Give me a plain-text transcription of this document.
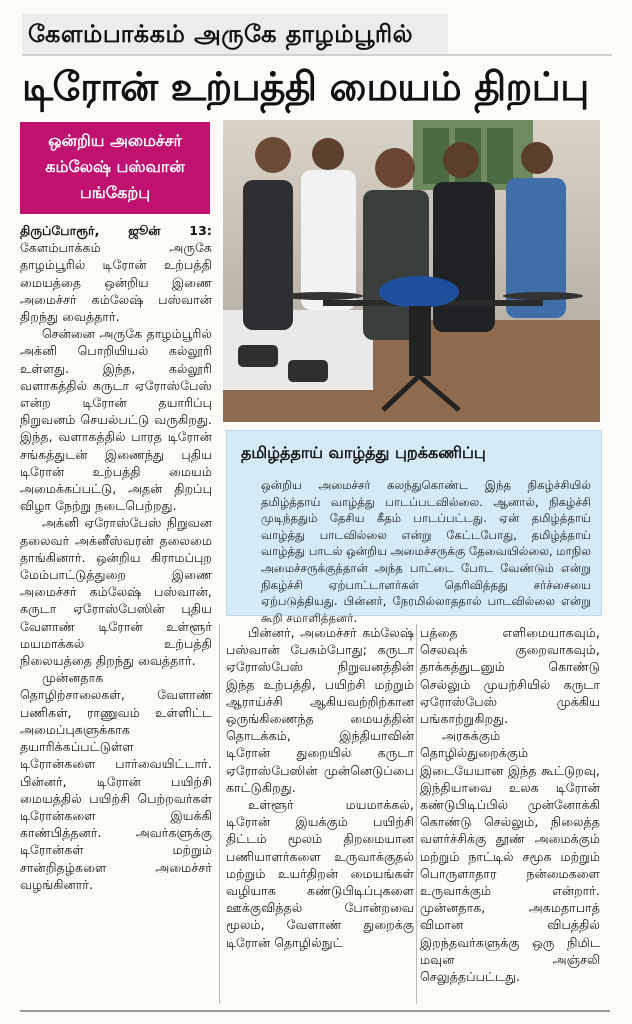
கேளம்பாக்கம் அருகே தாழம்பூரில்
டிரோன் உற்பத்தி மையம் திறப்பு
ஒன்றிய அமைச்சர்
கம்லேஷ் பஸ்வான்
பங்கேற்பு

திருப்போரூர், ஜூன் 13: கேளம்பாக்கம் அருகே தாழம்பூரில் டிரோன் உற்பத்தி மையத்தை ஒன்றிய இணை அமைச்சர் கம்லேஷ் பஸ்வான் திறந்து வைத்தார்.

சென்னை அருகே தாழம்பூரில் அக்னி பொறியியல் கல்லூரி உள்ளது. இந்த, கல்லூரி வளாகத்தில் கருடா ஏரோஸ்பேஸ் என்ற டிரோன் தயாரிப்பு நிறுவனம் செயல்பட்டு வருகிறது. இந்த, வளாகத்தில் பாரத டிரோன் சங்கத்துடன் இணைந்து புதிய டிரோன் உற்பத்தி மையம் அமைக்கப்பட்டு, அதன் திறப்பு விழா நேற்று நடைபெற்றது.

அக்னி ஏரோஸ்பேஸ் நிறுவன தலைவர் அக்னீஸ்வரன் தலைமை தாங்கினார். ஒன்றிய கிராமப்புற மேம்பாட்டுத்துறை இணை அமைச்சர் கம்லேஷ் பஸ்வான், கருடா ஏரோஸ்பேஸின் புதிய வேளாண் டிரோன் உள்ளூர் மயமாக்கல் உற்பத்தி நிலையத்தை திறந்து வைத்தார்.

முன்னதாக தொழிற்சாலைகள், வேளாண் பணிகள், ராணுவம் உள்ளிட்ட அமைப்புகளுக்காக தயாரிக்கப்பட்டுள்ள டிரோன்களை பார்வையிட்டார். பின்னர், டிரோன் பயிற்சி மையத்தில் பயிற்சி பெற்றவர்கள் டிரோன்களை இயக்கி காண்பித்தனர். அவர்களுக்கு டிரோன்கள் மற்றும் சான்றிதழ்களை அமைச்சர் வழங்கினார்.

தமிழ்த்தாய் வாழ்த்து புறக்கணிப்பு
ஒன்றிய அமைச்சர் கலந்துகொண்ட இந்த நிகழ்ச்சியில் தமிழ்த்தாய் வாழ்த்து பாடப்படவில்லை. ஆனால், நிகழ்ச்சி முடிந்ததும் தேசிய கீதம் பாடப்பட்டது. ஏன் தமிழ்த்தாய் வாழ்த்து பாடவில்லை என்று கேட்டபோது, தமிழ்த்தாய் வாழ்த்து பாடல் ஒன்றிய அமைச்சருக்கு தேவையில்லை, மாநில அமைச்சருக்குத்தான் அந்த பாட்டை போட வேண்டும் என்று நிகழ்ச்சி ஏற்பாட்டாளர்கள் தெரிவித்தது சர்ச்சையை ஏற்படுத்தியது. பின்னர், நேரமில்லாததால் பாடவில்லை என்று கூறி சமாளித்தனர்.

பின்னர், அமைச்சர் கம்லேஷ் பஸ்வான் பேசும்போது; கருடா ஏரோஸ்பேஸ் நிறுவனத்தின் இந்த உற்பத்தி, பயிற்சி மற்றும் ஆராய்ச்சி ஆகியவற்றிற்கான ஒருங்கிணைந்த மையத்தின் தொடக்கம், இந்தியாவின் டிரோன் துறையில் கருடா ஏரோஸ்பேஸின் முன்னெடுப்பை காட்டுகிறது.

உள்ளூர் மயமாக்கல், டிரோன் இயக்கும் பயிற்சி திட்டம் மூலம் திறமையான பணியாளர்களை உருவாக்குதல் மற்றும் உயர்திறன் மையங்கள் வழியாக கண்டுபிடிப்புகளை ஊக்குவித்தல் போன்றவை மூலம், வேளாண் துறைக்கு டிரோன் தொழில்நுட்

பத்தை எளிமையாகவும், செலவுக் குறைவாகவும், தாக்கத்துடனும் கொண்டு செல்லும் முயற்சியில் கருடா ஏரோஸ்பேஸ் முக்கிய பங்காற்றுகிறது.

அரசுக்கும் தொழில்துறைக்கும் இடையேயான இந்த கூட்டுறவு, இந்தியாவை உலக டிரோன் கண்டுபிடிப்பில் முன்னோக்கி கொண்டு செல்லும், நிலைத்த வளர்ச்சிக்கு தூண் அமைக்கும் மற்றும் நாட்டில் சமூக மற்றும் பொருளாதார நன்மைகளை உருவாக்கும் என்றார். முன்னதாக, அகமதாபாத் விமான விபத்தில் இறந்தவர்களுக்கு ஒரு நிமிட மவுன அஞ்சலி செலுத்தப்பட்டது.
